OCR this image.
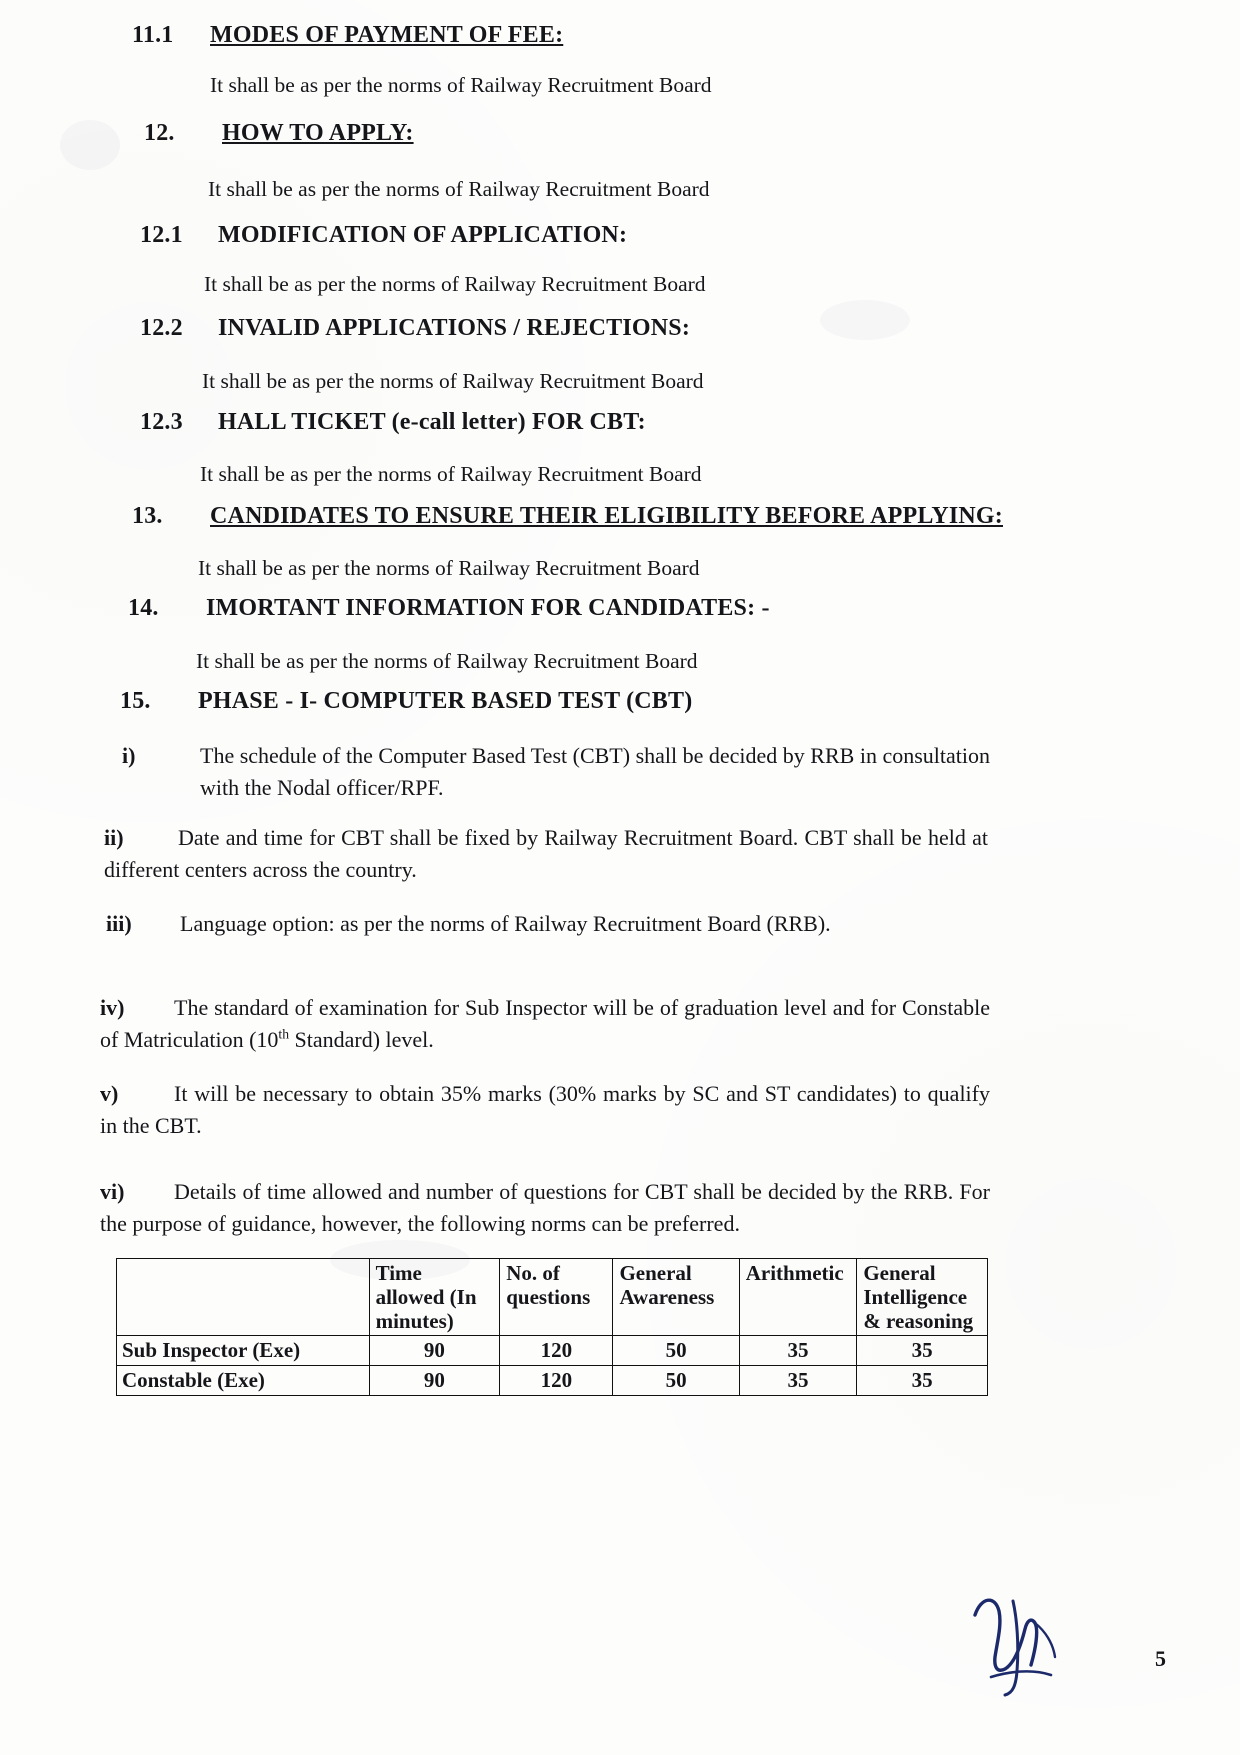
11.1	MODES OF PAYMENT OF FEE:

It shall be as per the norms of Railway Recruitment Board

12.	HOW TO APPLY:

It shall be as per the norms of Railway Recruitment Board

12.1	MODIFICATION OF APPLICATION:

It shall be as per the norms of Railway Recruitment Board

12.2	INVALID APPLICATIONS / REJECTIONS:

It shall be as per the norms of Railway Recruitment Board

12.3	HALL TICKET (e-call letter) FOR CBT:

It shall be as per the norms of Railway Recruitment Board

13.	CANDIDATES TO ENSURE THEIR ELIGIBILITY BEFORE APPLYING:

It shall be as per the norms of Railway Recruitment Board

14.	IMORTANT INFORMATION FOR CANDIDATES: -

It shall be as per the norms of Railway Recruitment Board

15.	PHASE - I- COMPUTER BASED TEST (CBT)
i)	The schedule of the Computer Based Test (CBT) shall be decided by RRB in consultation with the Nodal officer/RPF.
ii)	Date and time for CBT shall be fixed by Railway Recruitment Board. CBT shall be held at different centers across the country.
iii)	Language option: as per the norms of Railway Recruitment Board (RRB).
iv)	The standard of examination for Sub Inspector will be of graduation level and for Constable of Matriculation (10th Standard) level.
v)	It will be necessary to obtain 35% marks (30% marks by SC and ST candidates) to qualify in the CBT.
vi)	Details of time allowed and number of questions for CBT shall be decided by the RRB. For the purpose of guidance, however, the following norms can be preferred.
	Time allowed (In minutes)	No. of questions	General Awareness	Arithmetic	General Intelligence & reasoning
Sub Inspector (Exe)	90	120	50	35	35
Constable (Exe)	90	120	50	35	35
5
